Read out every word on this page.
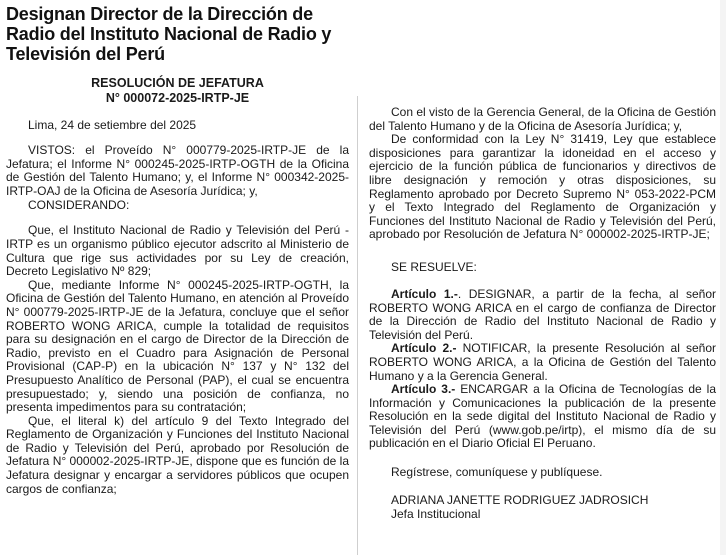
Designan Director de la Dirección de Radio del Instituto Nacional de Radio y Televisión del Perú
RESOLUCIÓN DE JEFATURA
N° 000072-2025-IRTP-JE

Lima, 24 de setiembre del 2025

VISTOS: el Proveído N° 000779-2025-IRTP-JE de la Jefatura; el Informe N° 000245-2025-IRTP-OGTH de la Oficina de Gestión del Talento Humano; y, el Informe N° 000342-2025-IRTP-OAJ de la Oficina de Asesoría Jurídica; y,

CONSIDERANDO:

Que, el Instituto Nacional de Radio y Televisión del Perú - IRTP es un organismo público ejecutor adscrito al Ministerio de Cultura que rige sus actividades por su Ley de creación, Decreto Legislativo Nº 829;

Que, mediante Informe N° 000245-2025-IRTP-OGTH, la Oficina de Gestión del Talento Humano, en atención al Proveído N° 000779-2025-IRTP-JE de la Jefatura, concluye que el señor ROBERTO WONG ARICA, cumple la totalidad de requisitos para su designación en el cargo de Director de la Dirección de Radio, previsto en el Cuadro para Asignación de Personal Provisional (CAP-P) en la ubicación N° 137 y N° 132 del Presupuesto Analítico de Personal (PAP), el cual se encuentra presupuestado; y, siendo una posición de confianza, no presenta impedimentos para su contratación;

Que, el literal k) del artículo 9 del Texto Integrado del Reglamento de Organización y Funciones del Instituto Nacional de Radio y Televisión del Perú, aprobado por Resolución de Jefatura N° 000002-2025-IRTP-JE, dispone que es función de la Jefatura designar y encargar a servidores públicos que ocupen cargos de confianza;

Con el visto de la Gerencia General, de la Oficina de Gestión del Talento Humano y de la Oficina de Asesoría Jurídica; y,

De conformidad con la Ley N° 31419, Ley que establece disposiciones para garantizar la idoneidad en el acceso y ejercicio de la función pública de funcionarios y directivos de libre designación y remoción y otras disposiciones, su Reglamento aprobado por Decreto Supremo N° 053-2022-PCM y el Texto Integrado del Reglamento de Organización y Funciones del Instituto Nacional de Radio y Televisión del Perú, aprobado por Resolución de Jefatura N° 000002-2025-IRTP-JE;

SE RESUELVE:

Artículo 1.-. DESIGNAR, a partir de la fecha, al señor ROBERTO WONG ARICA en el cargo de confianza de Director de la Dirección de Radio del Instituto Nacional de Radio y Televisión del Perú.

Artículo 2.- NOTIFICAR, la presente Resolución al señor ROBERTO WONG ARICA, a la Oficina de Gestión del Talento Humano y a la Gerencia General.

Artículo 3.- ENCARGAR a la Oficina de Tecnologías de la Información y Comunicaciones la publicación de la presente Resolución en la sede digital del Instituto Nacional de Radio y Televisión del Perú (www.gob.pe/irtp), el mismo día de su publicación en el Diario Oficial El Peruano.

Regístrese, comuníquese y publíquese.

ADRIANA JANETTE RODRIGUEZ JADROSICH

Jefa Institucional
